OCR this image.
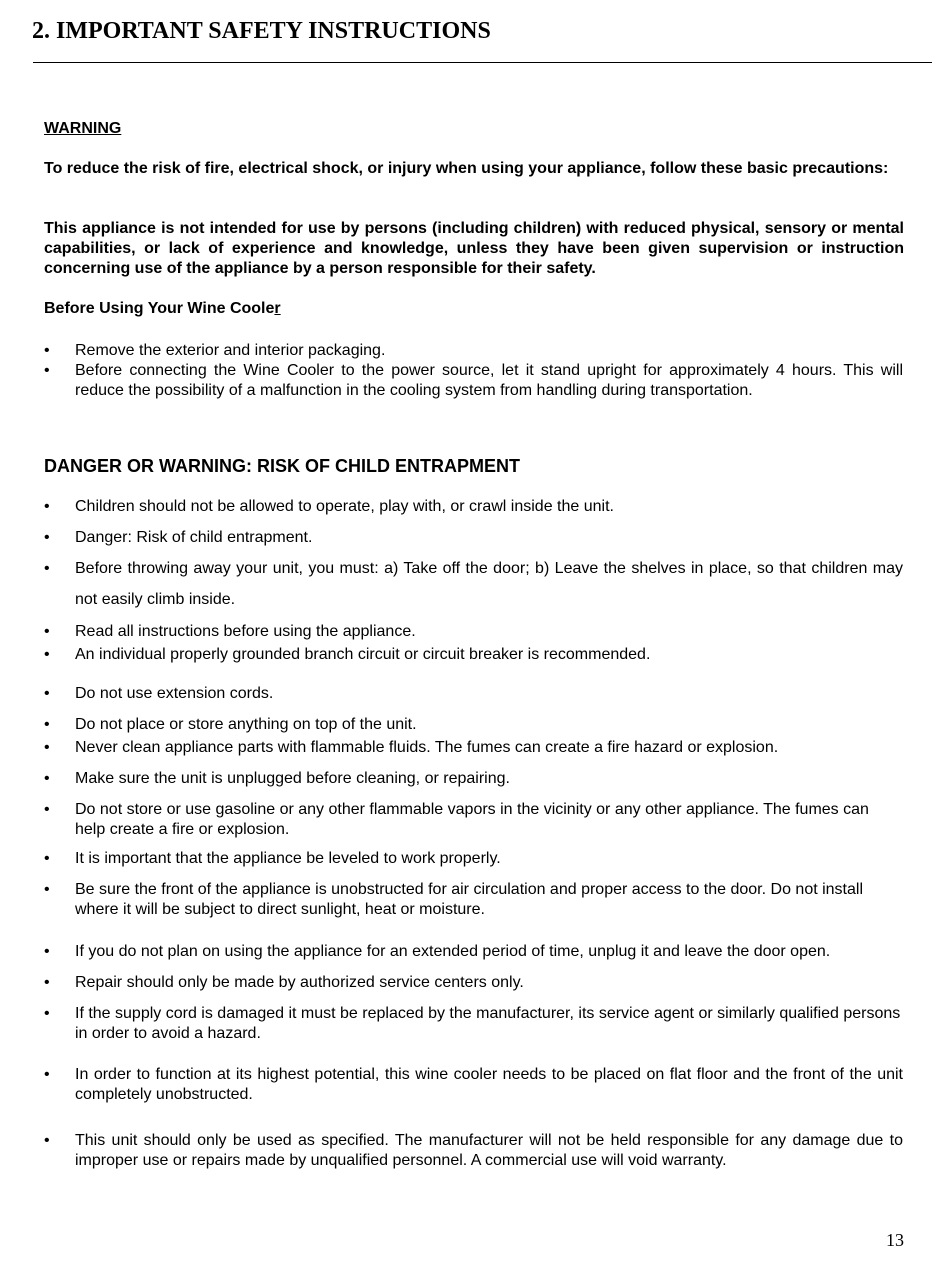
2. IMPORTANT SAFETY INSTRUCTIONS

WARNING

To reduce the risk of fire, electrical shock, or injury when using your appliance, follow these basic precautions:

This appliance is not intended for use by persons (including children) with reduced physical, sensory or mental capabilities, or lack of experience and knowledge, unless they have been given supervision or instruction concerning use of the appliance by a person responsible for their safety.

Before Using Your Wine Cooler

•	Remove the exterior and interior packaging.
•	Before connecting the Wine Cooler to the power source, let it stand upright for approximately 4 hours. This will reduce the possibility of a malfunction in the cooling system from handling during transportation.

DANGER OR WARNING: RISK OF CHILD ENTRAPMENT

•	Children should not be allowed to operate, play with, or crawl inside the unit.
•	Danger: Risk of child entrapment.
•	Before throwing away your unit, you must: a) Take off the door; b) Leave the shelves in place, so that children may not easily climb inside.
•	Read all instructions before using the appliance.
•	An individual properly grounded branch circuit or circuit breaker is recommended.
•	Do not use extension cords.
•	Do not place or store anything on top of the unit.
•	Never clean appliance parts with flammable fluids. The fumes can create a fire hazard or explosion.
•	Make sure the unit is unplugged before cleaning, or repairing.
•	Do not store or use gasoline or any other flammable vapors in the vicinity or any other appliance. The fumes can help create a fire or explosion.
•	It is important that the appliance be leveled to work properly.
•	Be sure the front of the appliance is unobstructed for air circulation and proper access to the door. Do not install where it will be subject to direct sunlight, heat or moisture.
•	If you do not plan on using the appliance for an extended period of time, unplug it and leave the door open.
•	Repair should only be made by authorized service centers only.
•	If the supply cord is damaged it must be replaced by the manufacturer, its service agent or similarly qualified persons in order to avoid a hazard.
•	In order to function at its highest potential, this wine cooler needs to be placed on flat floor and the front of the unit completely unobstructed.
•	This unit should only be used as specified. The manufacturer will not be held responsible for any damage due to improper use or repairs made by unqualified personnel. A commercial use will void warranty.
13
